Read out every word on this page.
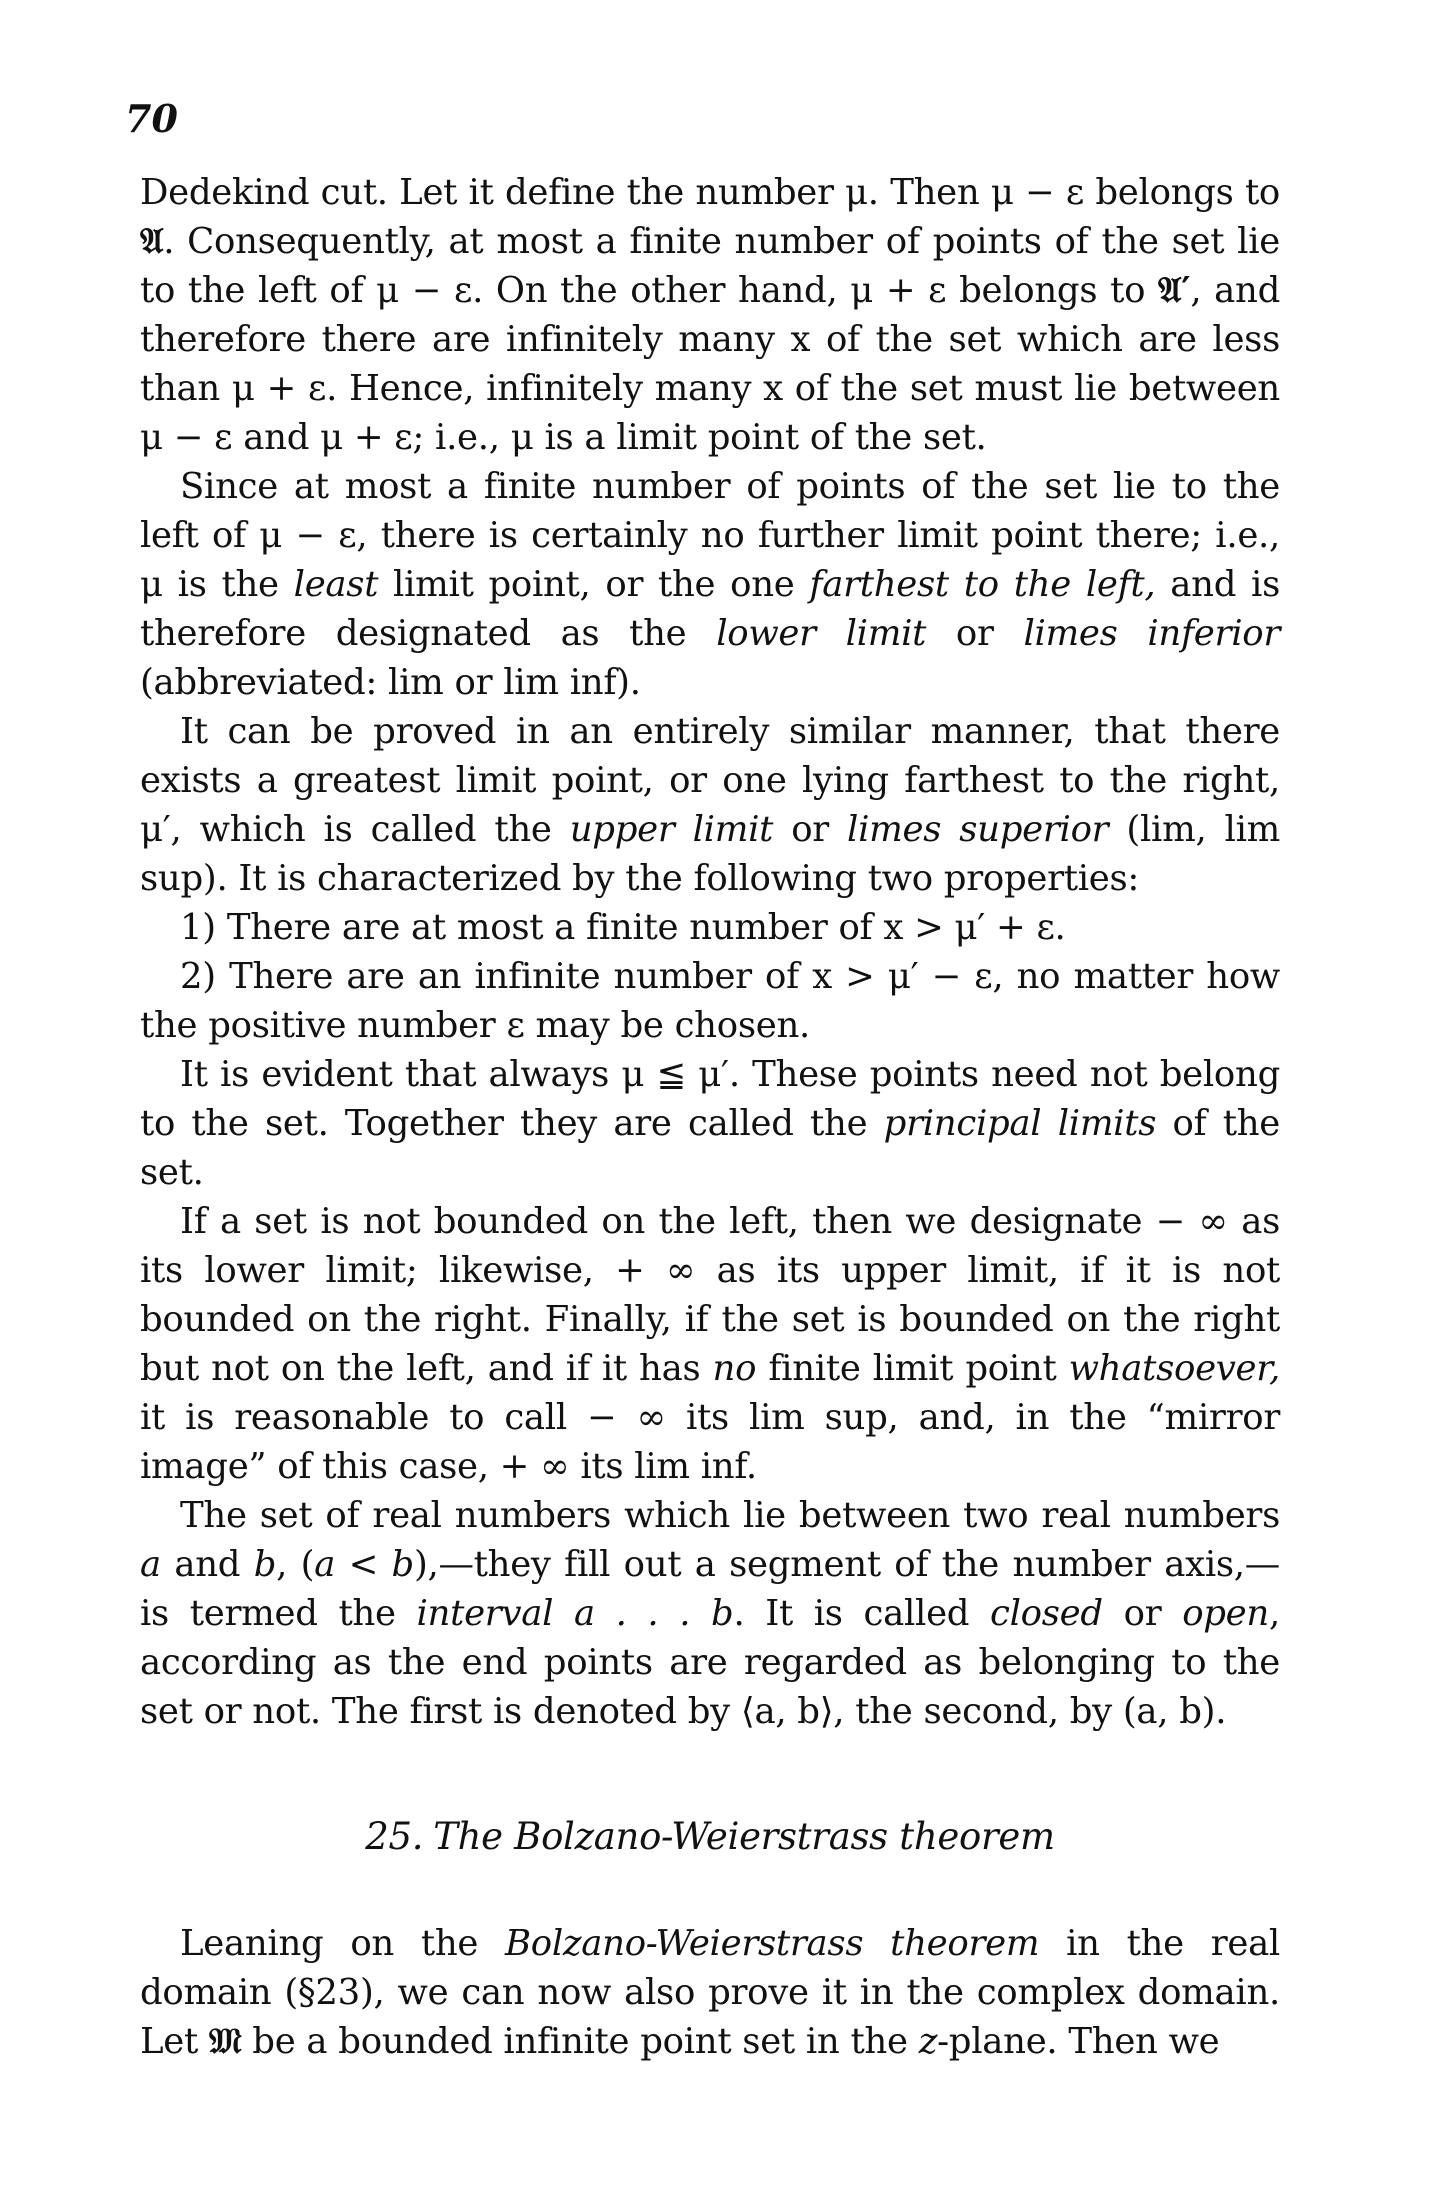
70

Dedekind cut. Let it define the number μ. Then μ − ε belongs to 𝔄. Consequently, at most a finite number of points of the set lie to the left of μ − ε. On the other hand, μ + ε belongs to 𝔄′, and therefore there are infinitely many x of the set which are less than μ + ε. Hence, infinitely many x of the set must lie between μ − ε and μ + ε; i.e., μ is a limit point of the set.

Since at most a finite number of points of the set lie to the left of μ − ε, there is certainly no further limit point there; i.e., μ is the least limit point, or the one farthest to the left, and is therefore designated as the lower limit or limes inferior (abbreviated: lim or lim inf).

It can be proved in an entirely similar manner, that there exists a greatest limit point, or one lying farthest to the right, μ′, which is called the upper limit or limes superior (lim, lim sup). It is characterized by the following two properties:

1) There are at most a finite number of x > μ′ + ε.

2) There are an infinite number of x > μ′ − ε, no matter how the positive number ε may be chosen.

It is evident that always μ ≦ μ′. These points need not belong to the set. Together they are called the principal limits of the set.

If a set is not bounded on the left, then we designate − ∞ as its lower limit; likewise, + ∞ as its upper limit, if it is not bounded on the right. Finally, if the set is bounded on the right but not on the left, and if it has no finite limit point whatsoever, it is reasonable to call − ∞ its lim sup, and, in the “mirror image” of this case, + ∞ its lim inf.

The set of real numbers which lie between two real numbers a and b, (a < b),—they fill out a segment of the number axis,— is termed the interval a . . . b. It is called closed or open, according as the end points are regarded as belonging to the set or not. The first is denoted by ⟨a, b⟩, the second, by (a, b).

25. The Bolzano-Weierstrass theorem

Leaning on the Bolzano-Weierstrass theorem in the real domain (§23), we can now also prove it in the complex domain. Let 𝔐 be a bounded infinite point set in the z-plane. Then we
